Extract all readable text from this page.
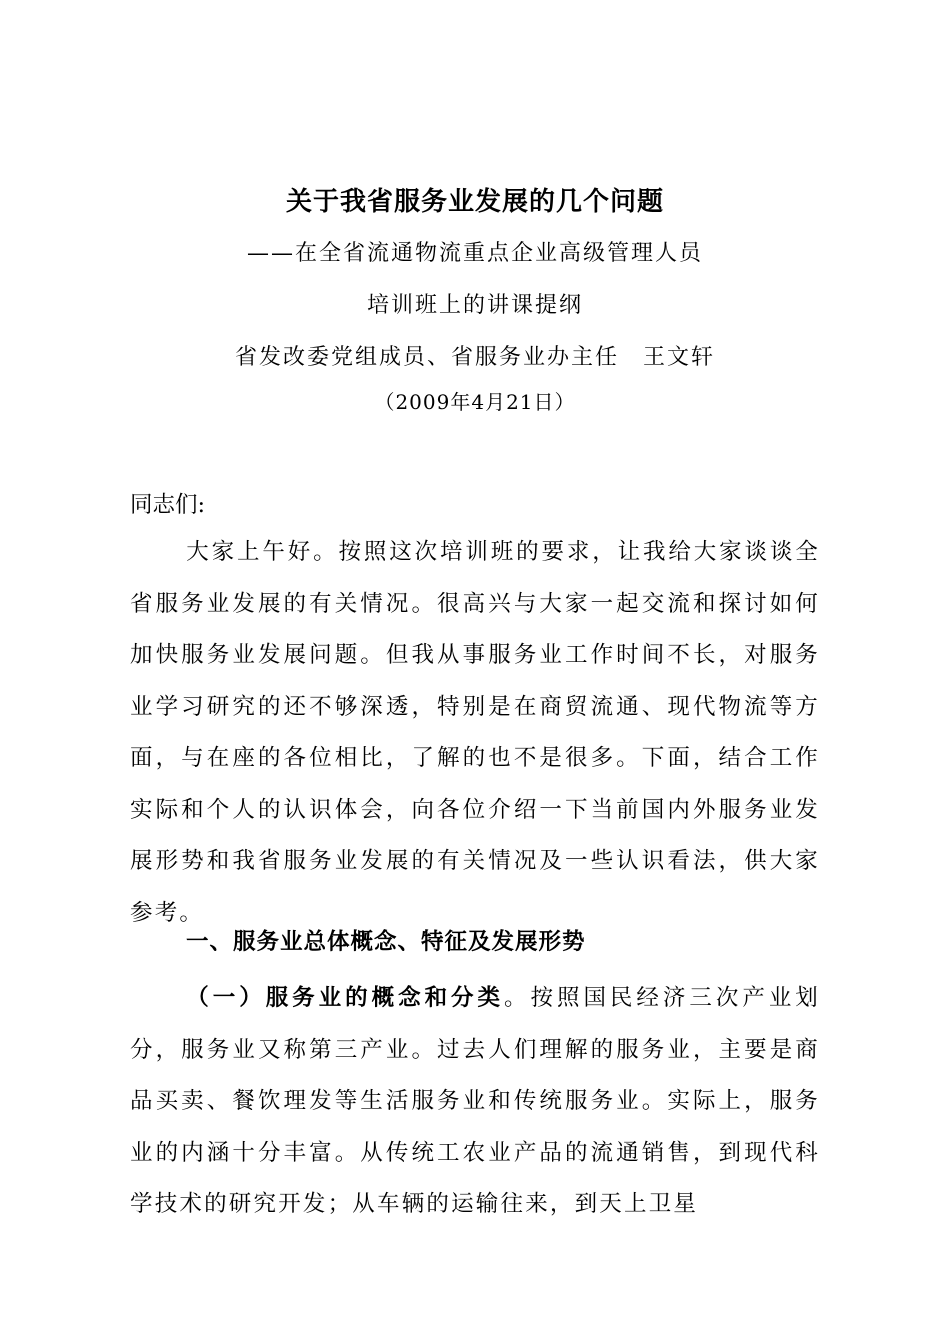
关于我省服务业发展的几个问题
——在全省流通物流重点企业高级管理人员
培训班上的讲课提纲
省发改委党组成员、省服务业办主任　王文轩
（2009年4月21日）
同志们:
大家上午好。按照这次培训班的要求，让我给大家谈谈全省服务业发展的有关情况。很高兴与大家一起交流和探讨如何加快服务业发展问题。但我从事服务业工作时间不长，对服务业学习研究的还不够深透，特别是在商贸流通、现代物流等方面，与在座的各位相比，了解的也不是很多。下面，结合工作实际和个人的认识体会，向各位介绍一下当前国内外服务业发展形势和我省服务业发展的有关情况及一些认识看法，供大家参考。
一、服务业总体概念、特征及发展形势
（一）服务业的概念和分类。按照国民经济三次产业划分，服务业又称第三产业。过去人们理解的服务业，主要是商品买卖、餐饮理发等生活服务业和传统服务业。实际上，服务业的内涵十分丰富。从传统工农业产品的流通销售，到现代科学技术的研究开发；从车辆的运输往来，到天上卫星
